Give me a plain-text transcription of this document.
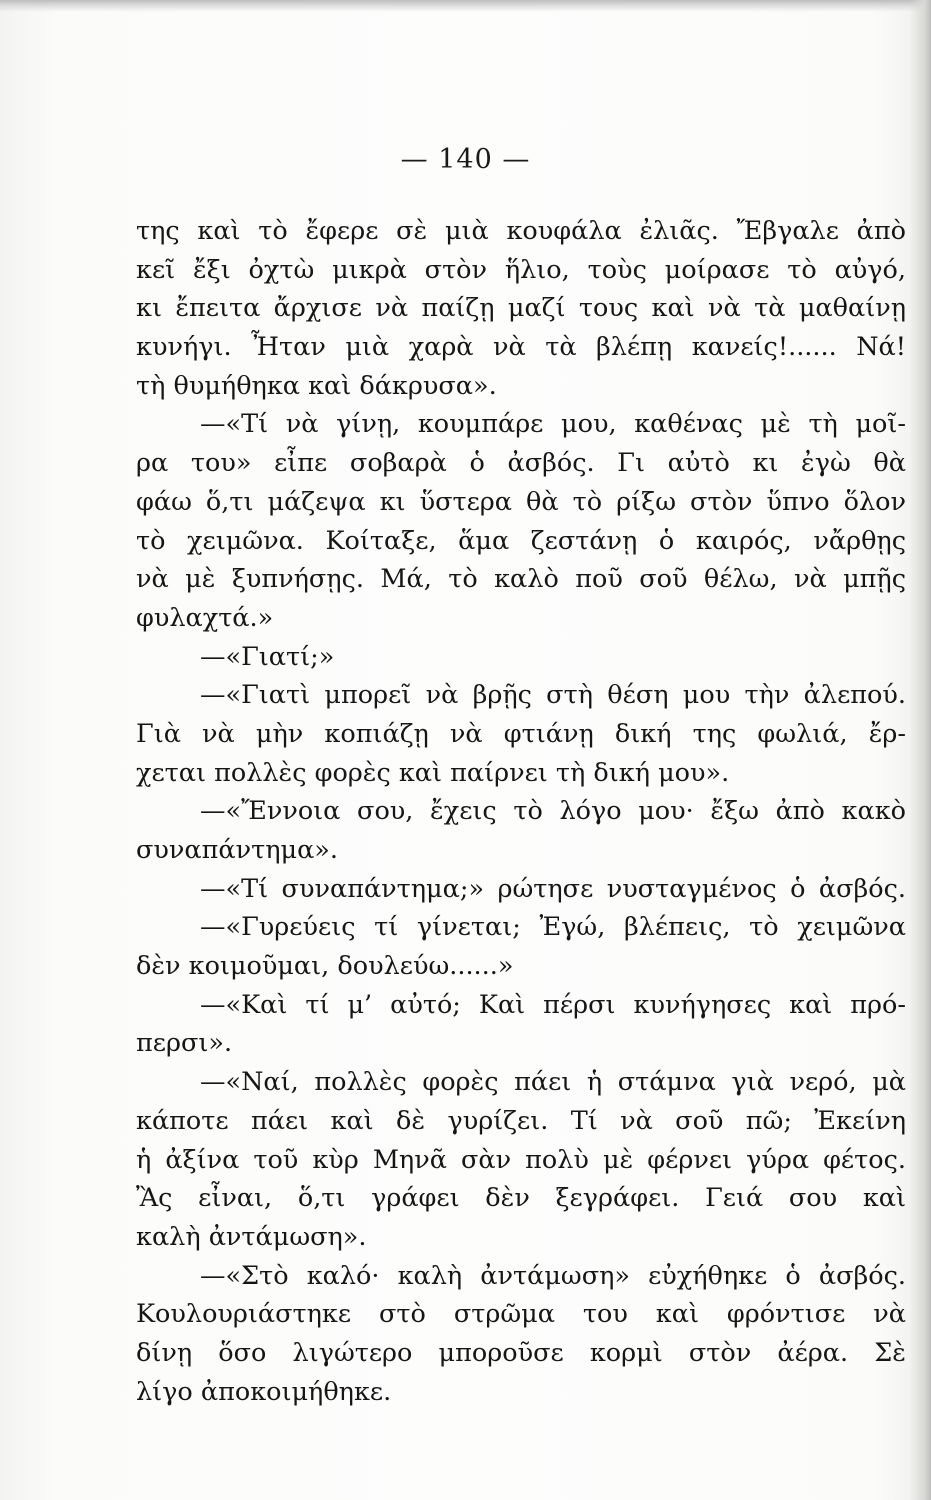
— 140 —
της καὶ τὸ ἔφερε σὲ μιὰ κουφάλα ἐλιᾶς. Ἔβγαλε ἀπὸ
κεῖ ἔξι ὀχτὼ μικρὰ στὸν ἥλιο, τοὺς μοίρασε τὸ αὐγό,
κι ἔπειτα ἄρχισε νὰ παίζῃ μαζί τους καὶ νὰ τὰ μαθαίνῃ
κυνήγι. Ἦταν μιὰ χαρὰ νὰ τὰ βλέπῃ κανείς!...... Νά!
τὴ θυμήθηκα καὶ δάκρυσα».
—«Τί νὰ γίνῃ, κουμπάρε μου, καθένας μὲ τὴ μοῖ-
ρα του» εἶπε σοβαρὰ ὁ ἀσβός. Γι αὐτὸ κι ἐγὼ θὰ
φάω ὅ,τι μάζεψα κι ὕστερα θὰ τὸ ρίξω στὸν ὕπνο ὅλον
τὸ χειμῶνα. Κοίταξε, ἅμα ζεστάνῃ ὁ καιρός, νἄρθῃς
νὰ μὲ ξυπνήσῃς. Μά, τὸ καλὸ ποῦ σοῦ θέλω, νὰ μπῇς
φυλαχτά.»
—«Γιατί;»
—«Γιατὶ μπορεῖ νὰ βρῇς στὴ θέση μου τὴν ἀλεπού.
Γιὰ νὰ μὴν κοπιάζῃ νὰ φτιάνῃ δική της φωλιά, ἔρ-
χεται πολλὲς φορὲς καὶ παίρνει τὴ δική μου».
—«Ἔννοια σου, ἔχεις τὸ λόγο μου· ἔξω ἀπὸ κακὸ
συναπάντημα».
—«Τί συναπάντημα;» ρώτησε νυσταγμένος ὁ ἀσβός.
—«Γυρεύεις τί γίνεται; Ἐγώ, βλέπεις, τὸ χειμῶνα
δὲν κοιμοῦμαι, δουλεύω......»
—«Καὶ τί μ’ αὐτό; Καὶ πέρσι κυνήγησες καὶ πρό-
περσι».
—«Ναί, πολλὲς φορὲς πάει ἡ στάμνα γιὰ νερό, μὰ
κάποτε πάει καὶ δὲ γυρίζει. Τί νὰ σοῦ πῶ; Ἐκείνη
ἡ ἀξίνα τοῦ κὺρ Μηνᾶ σὰν πολὺ μὲ φέρνει γύρα φέτος.
Ἂς εἶναι, ὅ,τι γράφει δὲν ξεγράφει. Γειά σου καὶ
καλὴ ἀντάμωση».
—«Στὸ καλό· καλὴ ἀντάμωση» εὐχήθηκε ὁ ἀσβός.
Κουλουριάστηκε στὸ στρῶμα του καὶ φρόντισε νὰ
δίνῃ ὅσο λιγώτερο μποροῦσε κορμὶ στὸν ἀέρα. Σὲ
λίγο ἀποκοιμήθηκε.
